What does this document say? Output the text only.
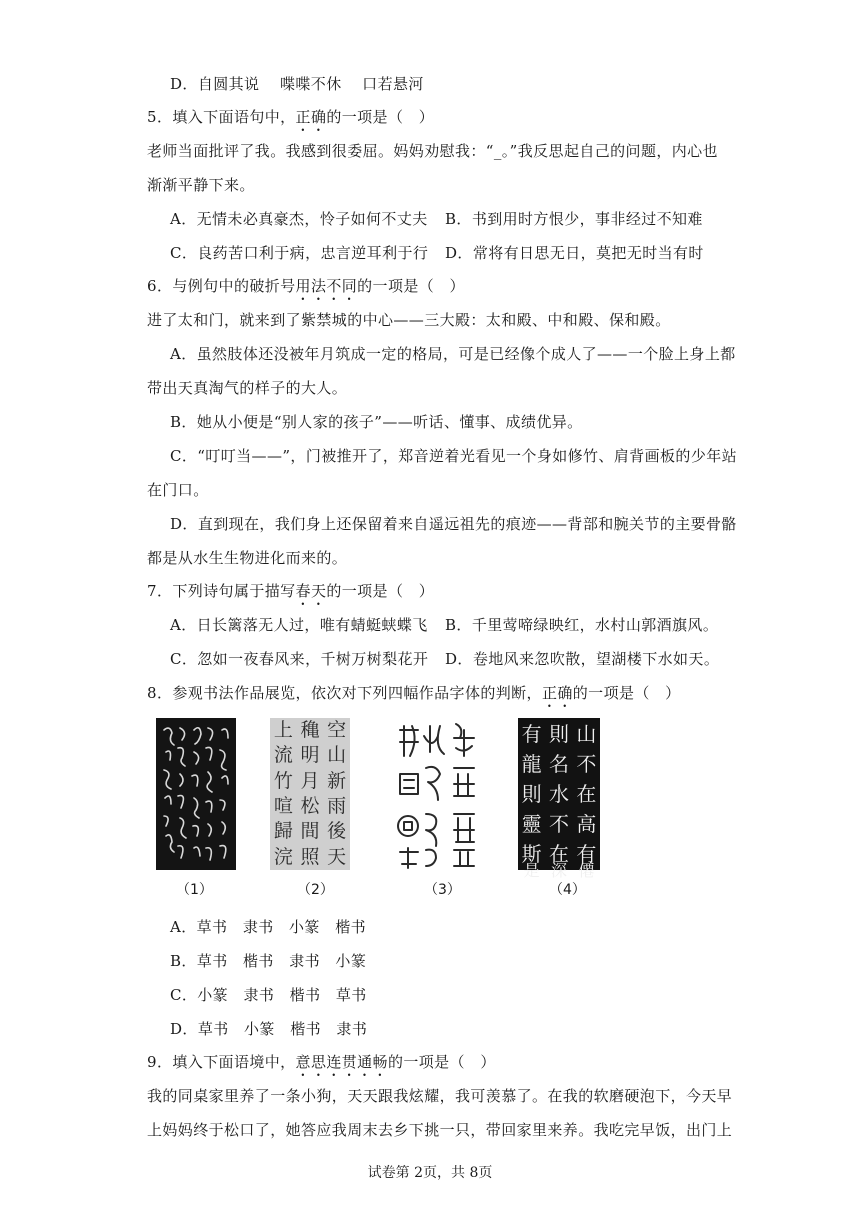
D．自圆其说　 喋喋不休　 口若悬河
5．填入下面语句中，正确的一项是（　）
老师当面批评了我。我感到很委屈。妈妈劝慰我：“_。”我反思起自己的问题，内心也
渐渐平静下来。
A．无情未必真豪杰，怜子如何不丈夫 B．书到用时方恨少，事非经过不知难
C．良药苦口利于病，忠言逆耳利于行 D．常将有日思无日，莫把无时当有时
6．与例句中的破折号用法不同的一项是（　）
进了太和门，就来到了紫禁城的中心——三大殿：太和殿、中和殿、保和殿。
A．虽然肢体还没被年月筑成一定的格局，可是已经像个成人了——一个脸上身上都
带出天真淘气的样子的大人。
B．她从小便是“别人家的孩子”——听话、懂事、成绩优异。
C．“叮叮当——”，门被推开了，郑音逆着光看见一个身如修竹、肩背画板的少年站
在门口。
D．直到现在，我们身上还保留着来自遥远祖先的痕迹——背部和腕关节的主要骨骼
都是从水生生物进化而来的。
7．下列诗句属于描写春天的一项是（　）
A．日长篱落无人过，唯有蜻蜓蛱蝶飞 B．千里莺啼绿映红，水村山郭酒旗风。
C．忽如一夜春风来，千树万树梨花开 D．卷地风来忽吹散，望湖楼下水如天。
8．参观书法作品展览，依次对下列四幅作品字体的判断，正确的一项是（　）
上 穐 空
流 明 山
竹 月 新
喧 松 雨
歸 間 後
浣 照 天
有 則 山
龍 名 不
則 水 在
靈 不 高
斯 在 有
是 深 僊
（1）	（2）	（3）	（4）
A．草书　隶书　小篆　楷书
B．草书　楷书　隶书　小篆
C．小篆　隶书　楷书　草书
D．草书　小篆　楷书　隶书
9．填入下面语境中，意思连贯通畅的一项是（　）
我的同桌家里养了一条小狗，天天跟我炫耀，我可羡慕了。在我的软磨硬泡下，今天早
上妈妈终于松口了，她答应我周末去乡下挑一只，带回家里来养。我吃完早饭，出门上
试卷第 2页，共 8页
